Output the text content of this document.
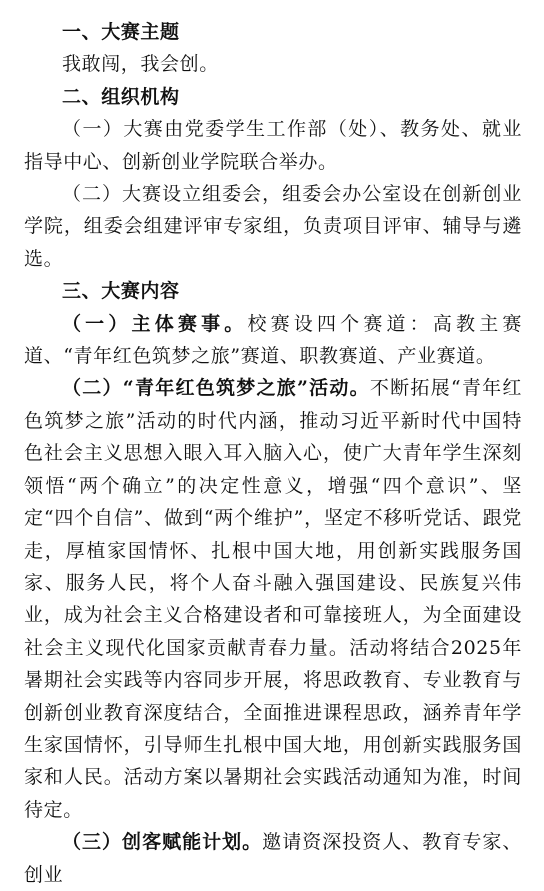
一、大赛主题

我敢闯，我会创。

二、组织机构

（一）大赛由党委学生工作部（处）、教务处、就业指导中心、创新创业学院联合举办。

（二）大赛设立组委会，组委会办公室设在创新创业学院，组委会组建评审专家组，负责项目评审、辅导与遴选。

三、大赛内容

（一）主体赛事。校赛设四个赛道：高教主赛道、“青年红色筑梦之旅”赛道、职教赛道、产业赛道。

（二）“青年红色筑梦之旅”活动。不断拓展“青年红色筑梦之旅”活动的时代内涵，推动习近平新时代中国特色社会主义思想入眼入耳入脑入心，使广大青年学生深刻领悟“两个确立”的决定性意义，增强“四个意识”、坚定“四个自信”、做到“两个维护”，坚定不移听党话、跟党走，厚植家国情怀、扎根中国大地，用创新实践服务国家、服务人民，将个人奋斗融入强国建设、民族复兴伟业，成为社会主义合格建设者和可靠接班人，为全面建设社会主义现代化国家贡献青春力量。活动将结合2025年暑期社会实践等内容同步开展，将思政教育、专业教育与创新创业教育深度结合，全面推进课程思政，涵养青年学生家国情怀，引导师生扎根中国大地，用创新实践服务国家和人民。活动方案以暑期社会实践活动通知为准，时间待定。

（三）创客赋能计划。邀请资深投资人、教育专家、创业
